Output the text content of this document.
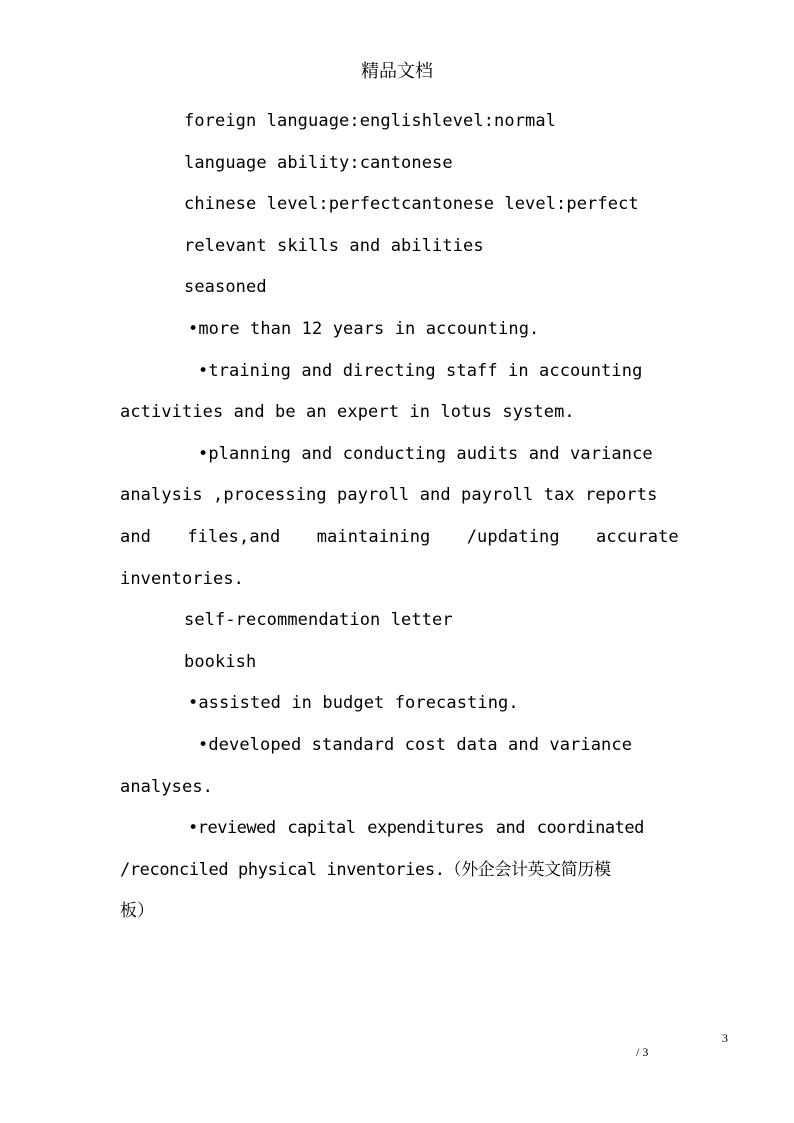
精品文档
foreign language:englishlevel:normal
language ability:cantonese
chinese level:perfectcantonese level:perfect
relevant skills and abilities
seasoned
•more than 12 years in accounting.
•training and directing staff in accounting
activities and be an expert in lotus system.
•planning and conducting audits and variance
analysis ,processing payroll and payroll tax reports
and files,and maintaining /updating accurate
inventories.
self-recommendation letter
bookish
•assisted in budget forecasting.
•developed standard cost data and variance
analyses.
•reviewed capital expenditures and coordinated
/reconciled physical inventories.（外企会计英文简历模
板）
3
/ 3
